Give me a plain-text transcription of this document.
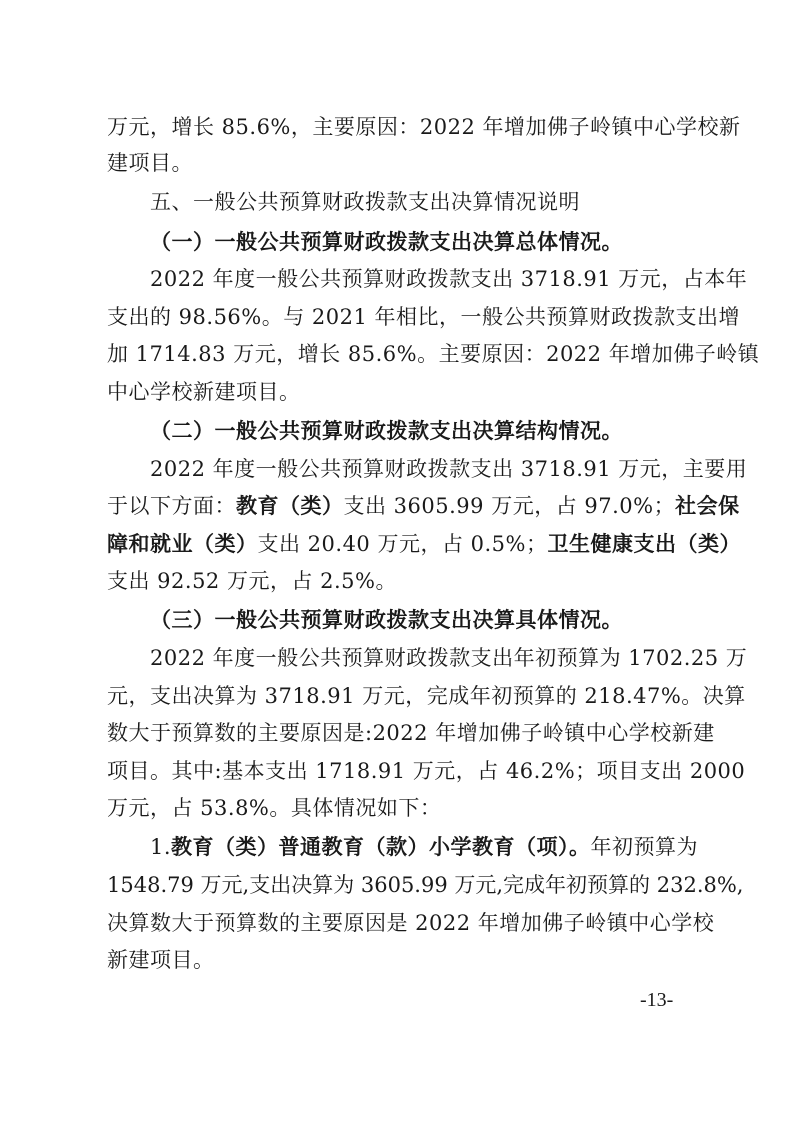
万元，增长 85.6%，主要原因：2022 年增加佛子岭镇中心学校新
建项目。
五、一般公共预算财政拨款支出决算情况说明
（一）一般公共预算财政拨款支出决算总体情况。
2022 年度一般公共预算财政拨款支出 3718.91 万元，占本年
支出的 98.56%。与 2021 年相比，一般公共预算财政拨款支出增
加 1714.83 万元，增长 85.6%。主要原因：2022 年增加佛子岭镇
中心学校新建项目。
（二）一般公共预算财政拨款支出决算结构情况。
2022 年度一般公共预算财政拨款支出 3718.91 万元，主要用
于以下方面：教育（类）支出 3605.99 万元，占 97.0%；社会保
障和就业（类）支出 20.40 万元，占 0.5%；卫生健康支出（类）
支出 92.52 万元，占 2.5%。
（三）一般公共预算财政拨款支出决算具体情况。
2022 年度一般公共预算财政拨款支出年初预算为 1702.25 万
元，支出决算为 3718.91 万元，完成年初预算的 218.47%。决算
数大于预算数的主要原因是:2022 年增加佛子岭镇中心学校新建
项目。其中:基本支出 1718.91 万元，占 46.2%；项目支出 2000
万元，占 53.8%。具体情况如下：
1.教育（类）普通教育（款）小学教育（项）。年初预算为
1548.79 万元,支出决算为 3605.99 万元,完成年初预算的 232.8%,
决算数大于预算数的主要原因是 2022 年增加佛子岭镇中心学校
新建项目。
-13-
